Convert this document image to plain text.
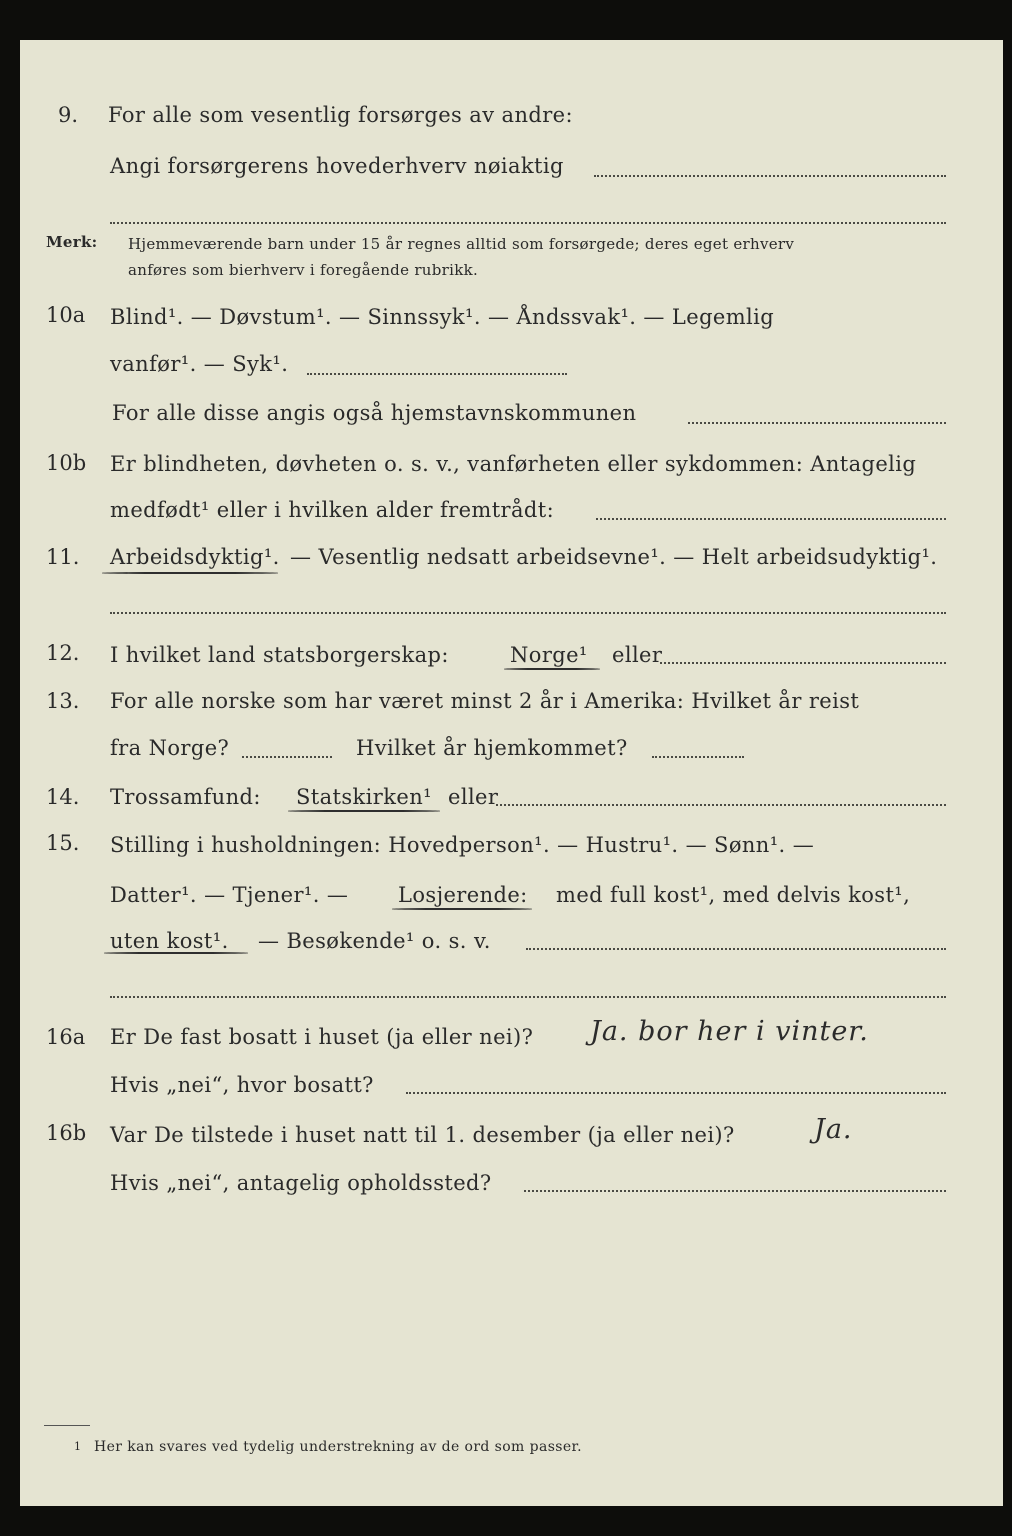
9. For alle som vesentlig forsørges av andre:
Angi forsørgerens hovederhverv nøiaktig
Merk: Hjemmeværende barn under 15 år regnes alltid som forsørgede; deres eget erhverv
anføres som bierhverv i foregående rubrikk.
10a Blind¹. — Døvstum¹. — Sinnssyk¹. — Åndssvak¹. — Legemlig
vanfør¹. — Syk¹.
For alle disse angis også hjemstavnskommunen
10b Er blindheten, døvheten o. s. v., vanførheten eller sykdommen: Antagelig
medfødt¹ eller i hvilken alder fremtrådt:
11. Arbeidsdyktig¹. — Vesentlig nedsatt arbeidsevne¹. — Helt arbeidsudyktig¹.
12. I hvilket land statsborgerskap:	Norge¹ eller
13. For alle norske som har været minst 2 år i Amerika: Hvilket år reist
fra Norge?	Hvilket år hjemkommet?
14. Trossamfund: Statskirken¹ eller
15. Stilling i husholdningen: Hovedperson¹. — Hustru¹. — Sønn¹. —
Datter¹. — Tjener¹. — Losjerende: med full kost¹, med delvis kost¹,
uten kost¹. — Besøkende¹ o. s. v.
16a Er De fast bosatt i huset (ja eller nei)? Ja. bor her i vinter.
Hvis „nei“, hvor bosatt?
16b Var De tilstede i huset natt til 1. desember (ja eller nei)?	Ja.
Hvis „nei“, antagelig opholdssted?
1 Her kan svares ved tydelig understrekning av de ord som passer.
